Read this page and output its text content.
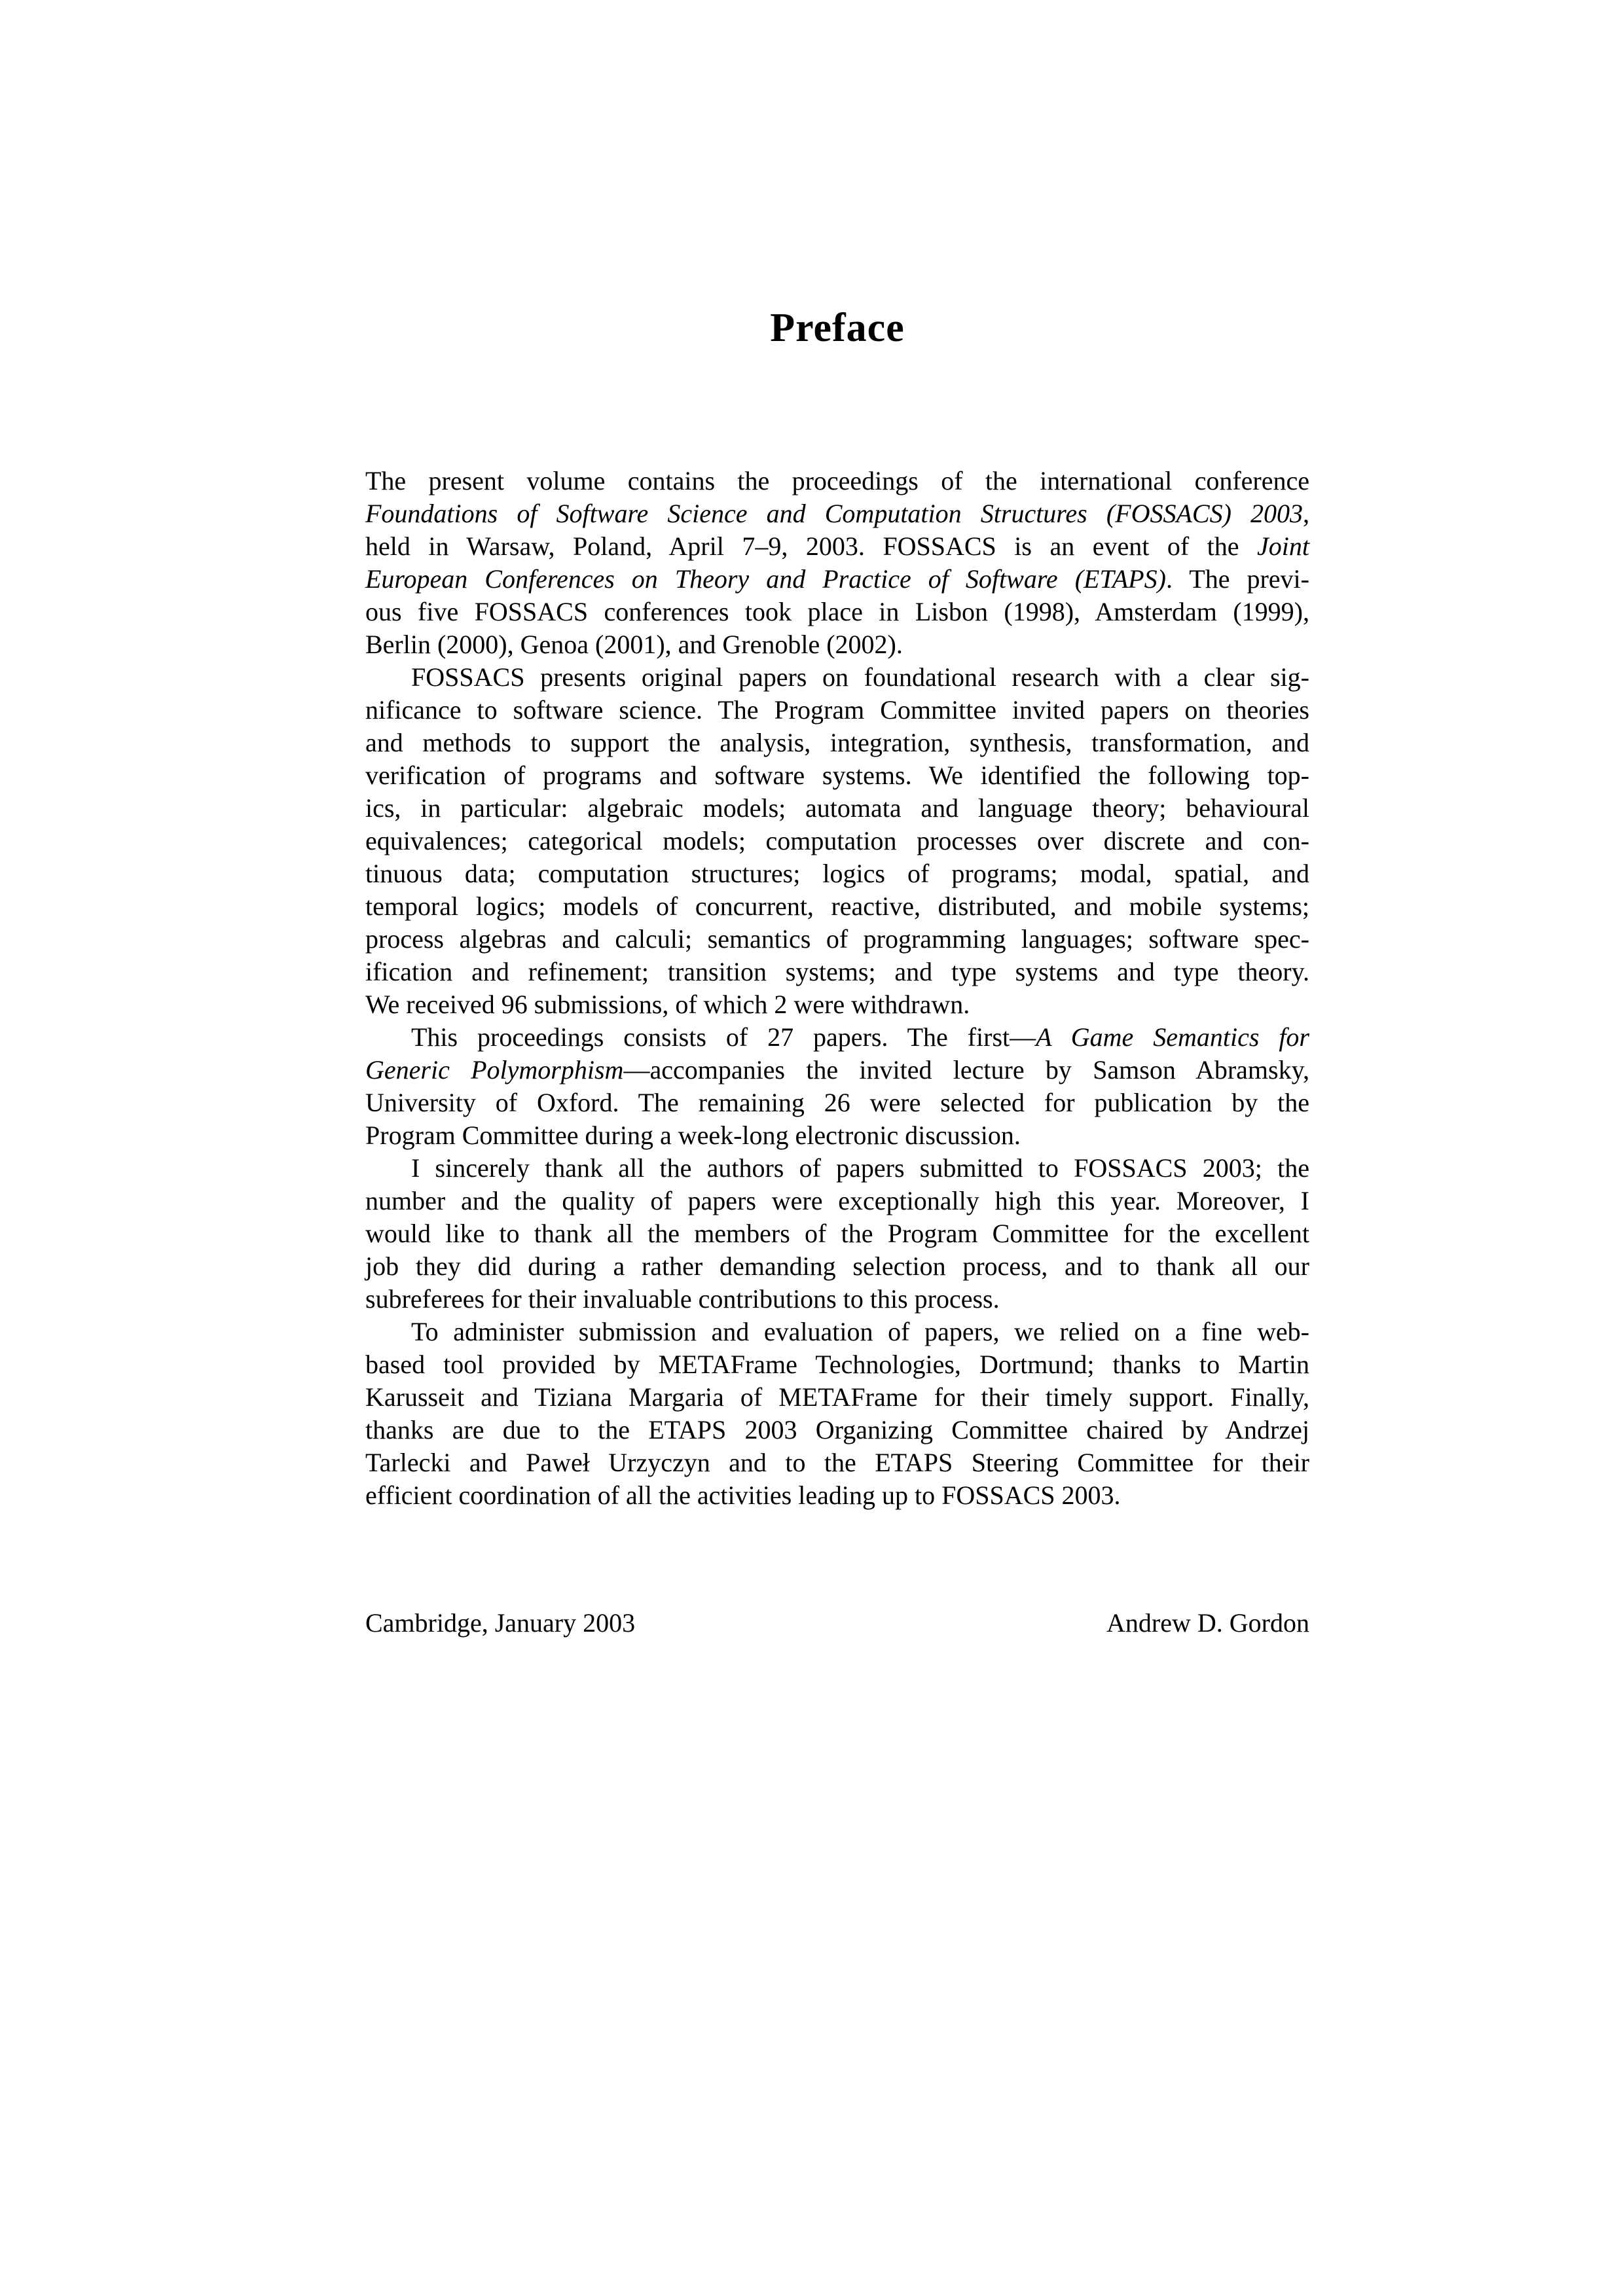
Preface
The present volume contains the proceedings of the international conference
Foundations of Software Science and Computation Structures (FOSSACS) 2003,
held in Warsaw, Poland, April 7–9, 2003. FOSSACS is an event of the Joint
European Conferences on Theory and Practice of Software (ETAPS). The previ-
ous five FOSSACS conferences took place in Lisbon (1998), Amsterdam (1999),
Berlin (2000), Genoa (2001), and Grenoble (2002).
FOSSACS presents original papers on foundational research with a clear sig-
nificance to software science. The Program Committee invited papers on theories
and methods to support the analysis, integration, synthesis, transformation, and
verification of programs and software systems. We identified the following top-
ics, in particular: algebraic models; automata and language theory; behavioural
equivalences; categorical models; computation processes over discrete and con-
tinuous data; computation structures; logics of programs; modal, spatial, and
temporal logics; models of concurrent, reactive, distributed, and mobile systems;
process algebras and calculi; semantics of programming languages; software spec-
ification and refinement; transition systems; and type systems and type theory.
We received 96 submissions, of which 2 were withdrawn.
This proceedings consists of 27 papers. The first—A Game Semantics for
Generic Polymorphism—accompanies the invited lecture by Samson Abramsky,
University of Oxford. The remaining 26 were selected for publication by the
Program Committee during a week-long electronic discussion.
I sincerely thank all the authors of papers submitted to FOSSACS 2003; the
number and the quality of papers were exceptionally high this year. Moreover, I
would like to thank all the members of the Program Committee for the excellent
job they did during a rather demanding selection process, and to thank all our
subreferees for their invaluable contributions to this process.
To administer submission and evaluation of papers, we relied on a fine web-
based tool provided by METAFrame Technologies, Dortmund; thanks to Martin
Karusseit and Tiziana Margaria of METAFrame for their timely support. Finally,
thanks are due to the ETAPS 2003 Organizing Committee chaired by Andrzej
Tarlecki and Paweł Urzyczyn and to the ETAPS Steering Committee for their
efficient coordination of all the activities leading up to FOSSACS 2003.
Cambridge, January 2003	Andrew D. Gordon
